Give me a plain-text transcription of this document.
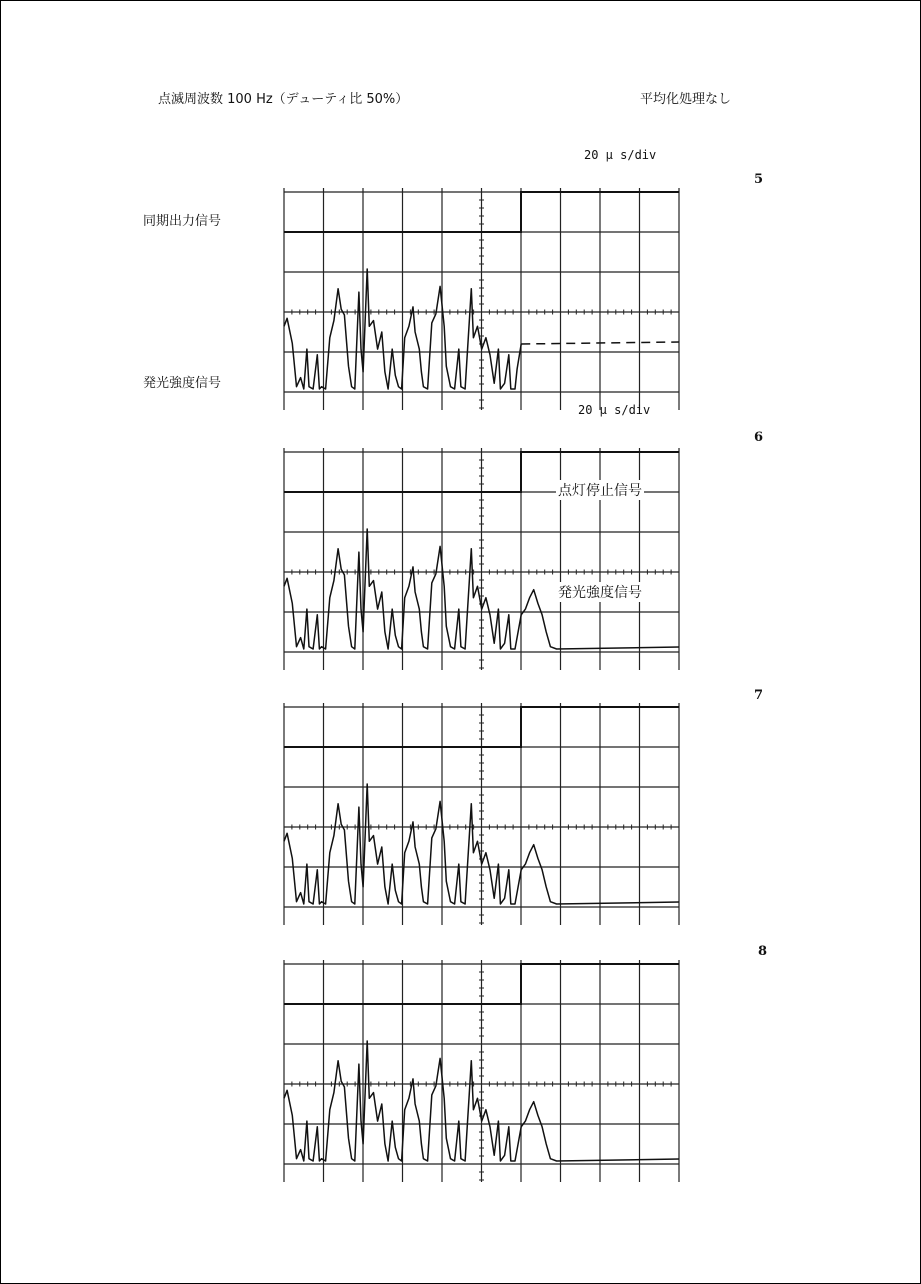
点滅周波数 100 Hz（デューティ比 50%）	平均化処理なし
同期出力信号
発光強度信号
20 μ s/div
5
20 μ s/div
6
点灯停止信号
発光強度信号
7
8
